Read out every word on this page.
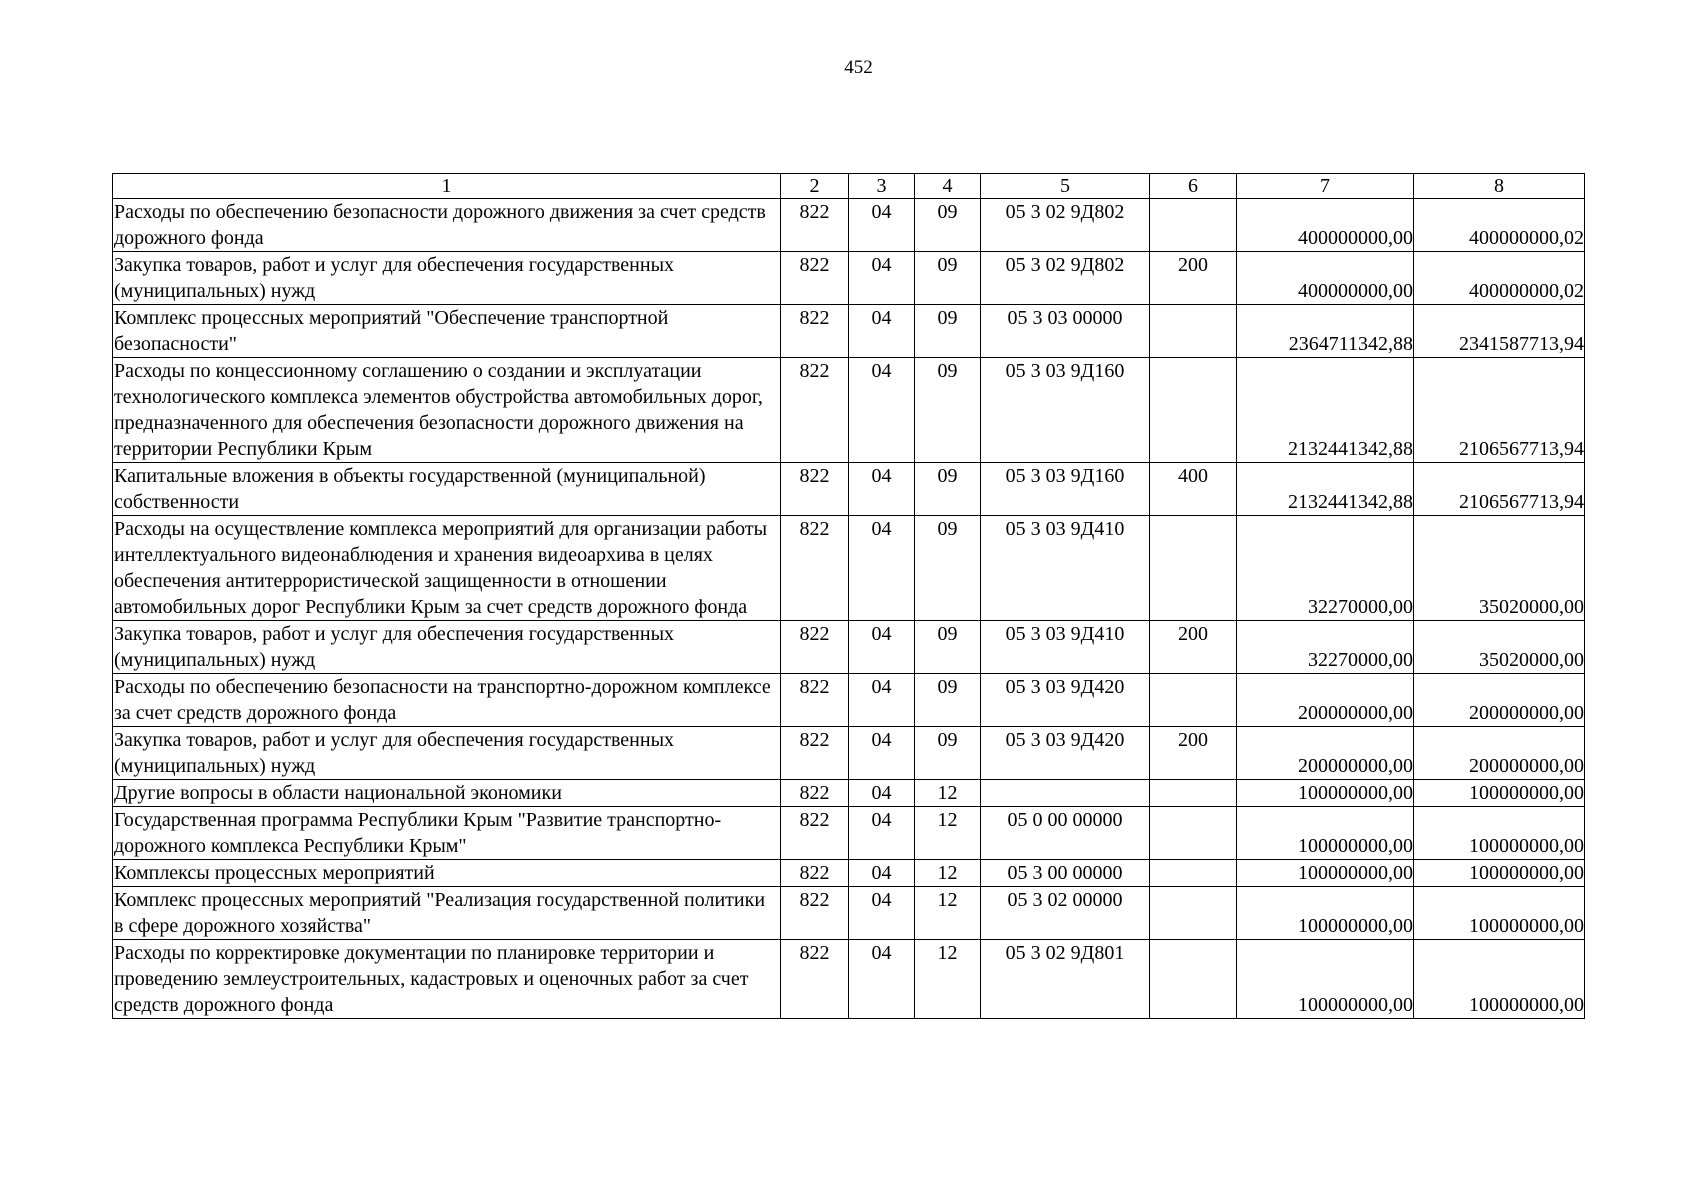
452
1	2	3	4	5	6	7	8
Расходы по обеспечению безопасности дорожного движения за счет средств дорожного фонда	822	04	09	05 3 02 9Д802		400000000,00	400000000,02
Закупка товаров, работ и услуг для обеспечения государственных (муниципальных) нужд	822	04	09	05 3 02 9Д802	200	400000000,00	400000000,02
Комплекс процессных мероприятий "Обеспечение транспортной безопасности"	822	04	09	05 3 03 00000		2364711342,88	2341587713,94
Расходы по концессионному соглашению о создании и эксплуатации технологического комплекса элементов обустройства автомобильных дорог, предназначенного для обеспечения безопасности дорожного движения на территории Республики Крым	822	04	09	05 3 03 9Д160		2132441342,88	2106567713,94
Капитальные вложения в объекты государственной (муниципальной) собственности	822	04	09	05 3 03 9Д160	400	2132441342,88	2106567713,94
Расходы на осуществление комплекса мероприятий для организации работы интеллектуального видеонаблюдения и хранения видеоархива в целях обеспечения антитеррористической защищенности в отношении автомобильных дорог Республики Крым за счет средств дорожного фонда	822	04	09	05 3 03 9Д410		32270000,00	35020000,00
Закупка товаров, работ и услуг для обеспечения государственных (муниципальных) нужд	822	04	09	05 3 03 9Д410	200	32270000,00	35020000,00
Расходы по обеспечению безопасности на транспортно-дорожном комплексе за счет средств дорожного фонда	822	04	09	05 3 03 9Д420		200000000,00	200000000,00
Закупка товаров, работ и услуг для обеспечения государственных (муниципальных) нужд	822	04	09	05 3 03 9Д420	200	200000000,00	200000000,00
Другие вопросы в области национальной экономики	822	04	12			100000000,00	100000000,00
Государственная программа Республики Крым "Развитие транспортно-дорожного комплекса Республики Крым"	822	04	12	05 0 00 00000		100000000,00	100000000,00
Комплексы процессных мероприятий	822	04	12	05 3 00 00000		100000000,00	100000000,00
Комплекс процессных мероприятий "Реализация государственной политики в сфере дорожного хозяйства"	822	04	12	05 3 02 00000		100000000,00	100000000,00
Расходы по корректировке документации по планировке территории и проведению землеустроительных, кадастровых и оценочных работ за счет средств дорожного фонда	822	04	12	05 3 02 9Д801		100000000,00	100000000,00
